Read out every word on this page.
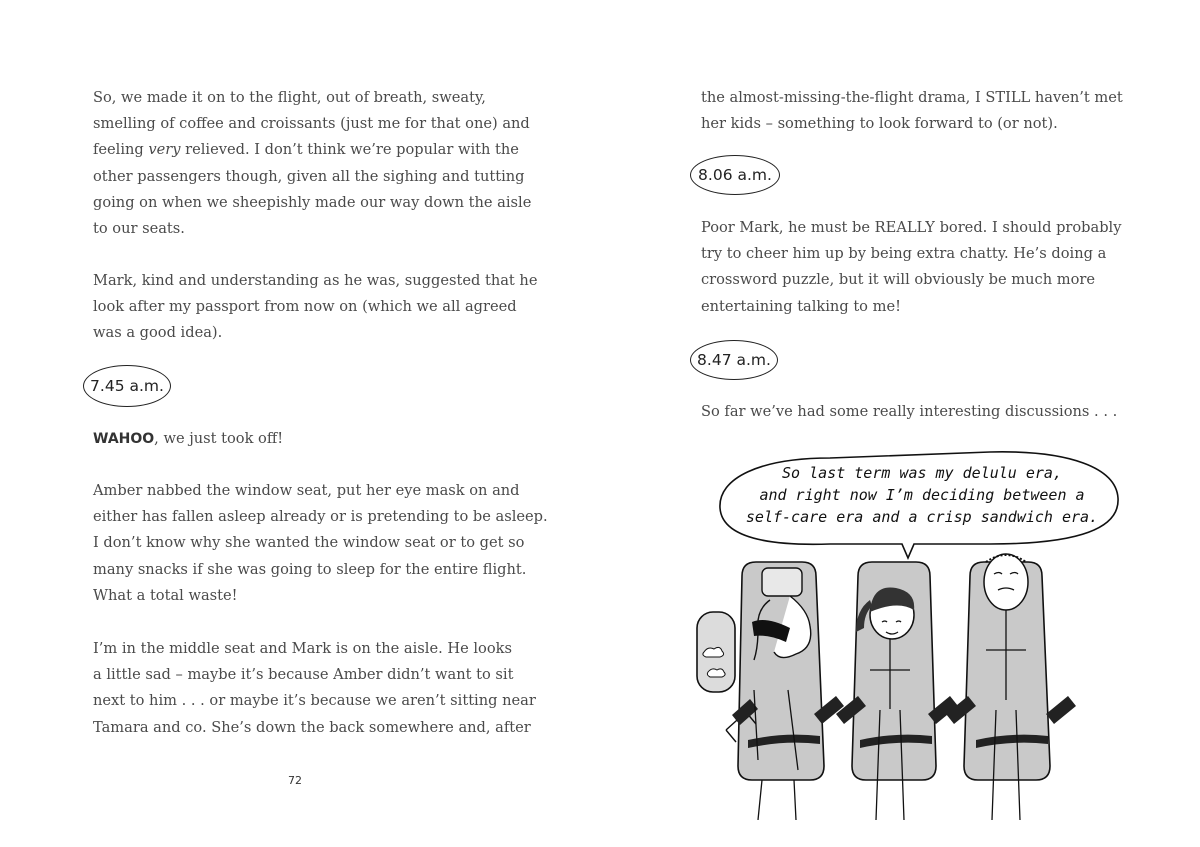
So, we made it on to the flight, out of breath, sweaty,
smelling of coffee and croissants (just me for that one) and
feeling very relieved. I don’t think we’re popular with the
other passengers though, given all the sighing and tutting
going on when we sheepishly made our way down the aisle
to our seats.
Mark, kind and understanding as he was, suggested that he
look after my passport from now on (which we all agreed
was a good idea).
7.45 a.m.
WAHOO, we just took off!
Amber nabbed the window seat, put her eye mask on and
either has fallen asleep already or is pretending to be asleep.
I don’t know why she wanted the window seat or to get so
many snacks if she was going to sleep for the entire flight.
What a total waste!
I’m in the middle seat and Mark is on the aisle. He looks
a little sad – maybe it’s because Amber didn’t want to sit
next to him . . . or maybe it’s because we aren’t sitting near
Tamara and co. She’s down the back somewhere and, after
72
the almost-missing-the-flight drama, I STILL haven’t met
her kids – something to look forward to (or not).
8.06 a.m.
Poor Mark, he must be REALLY bored. I should probably
try to cheer him up by being extra chatty. He’s doing a
crossword puzzle, but it will obviously be much more
entertaining talking to me!
8.47 a.m.
So far we’ve had some really interesting discussions . . .
So last term was my delulu era,
and right now I’m deciding between a
self-care era and a crisp sandwich era.
